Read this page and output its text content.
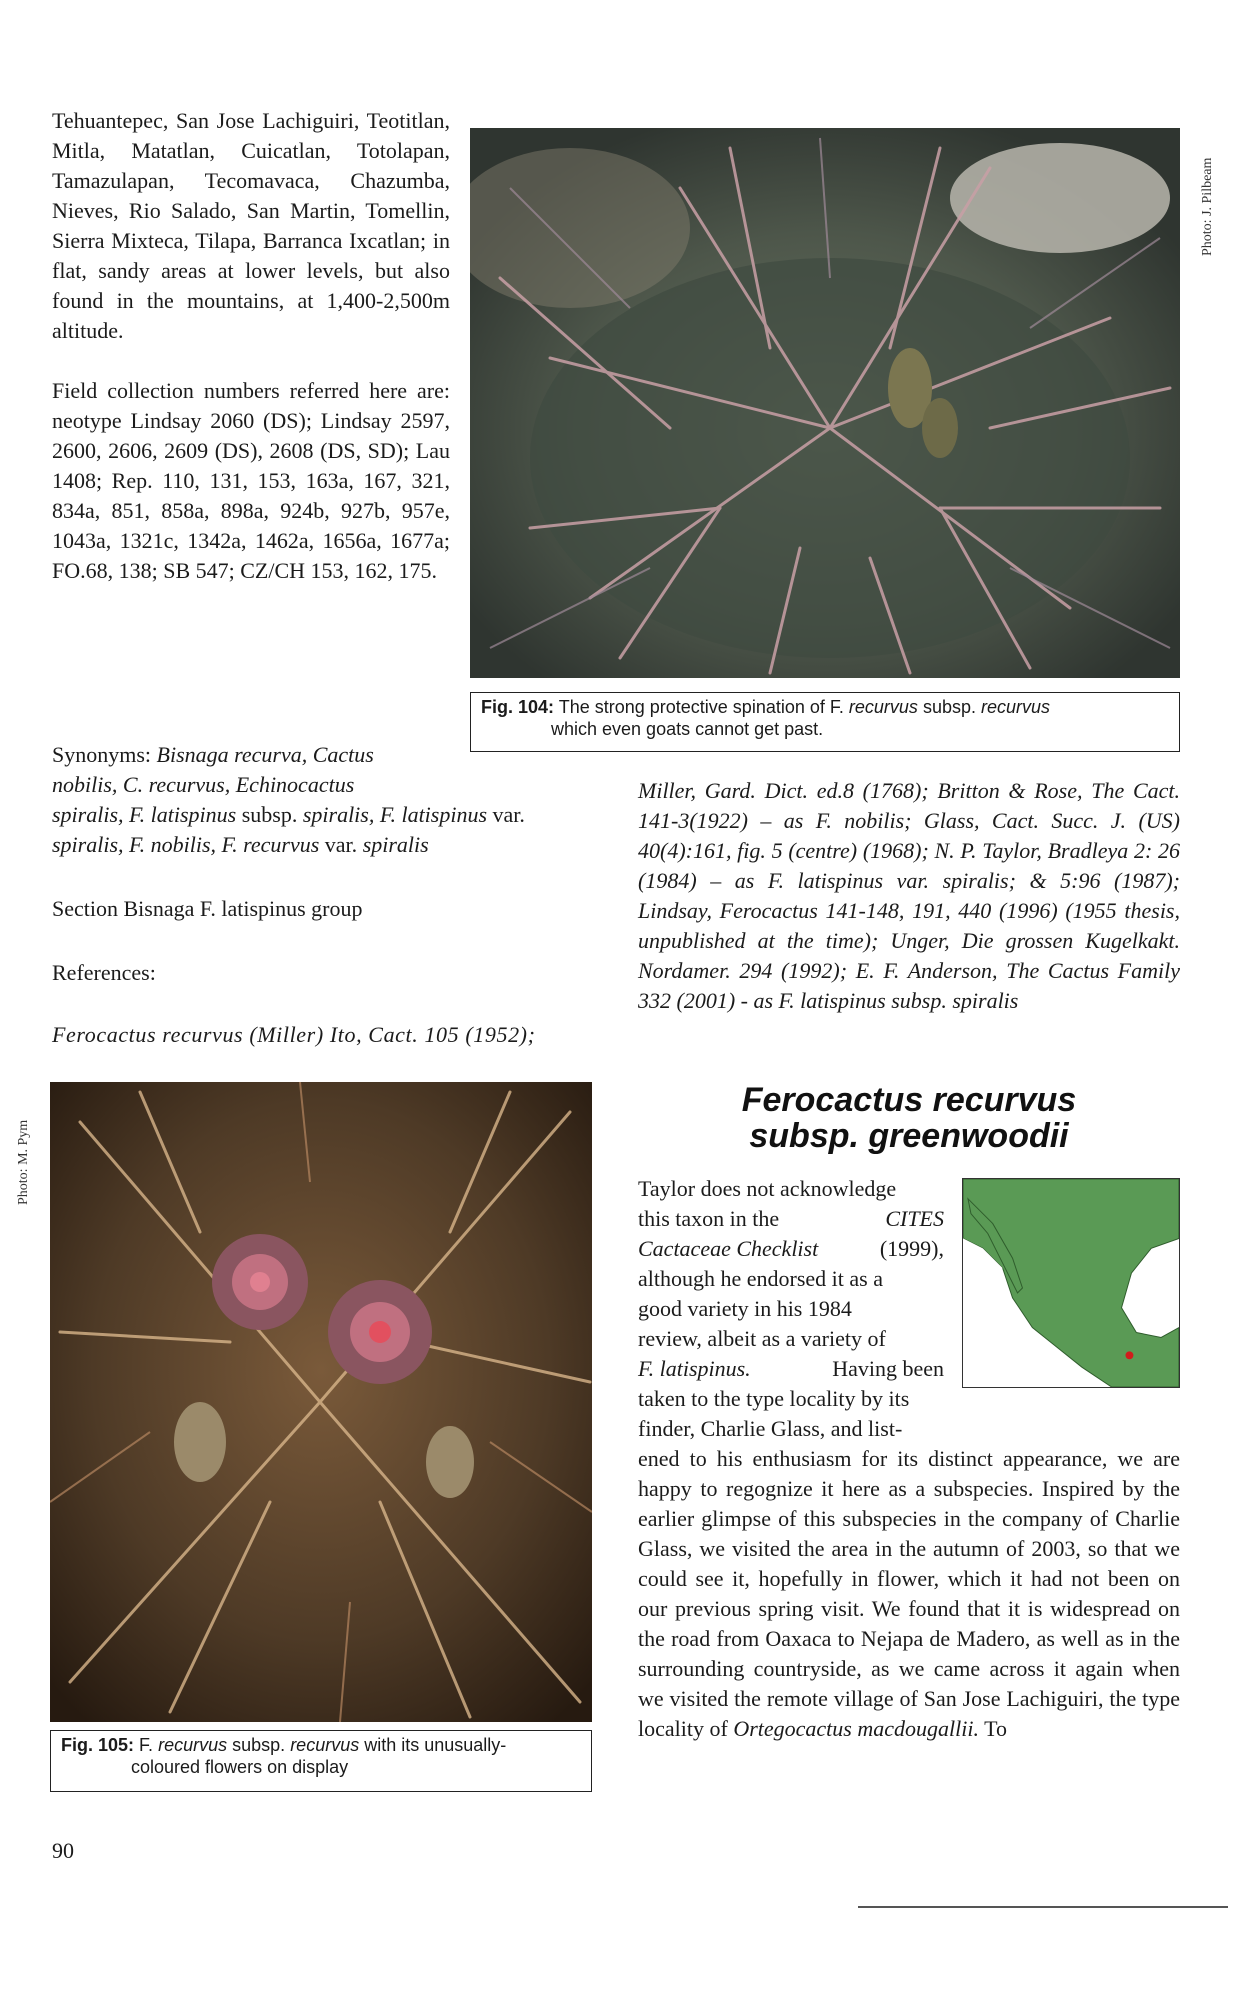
Tehuantepec, San Jose Lachiguiri, Teotitlan, Mitla, Matatlan, Cuicatlan, Totolapan, Tamazulapan, Tecomavaca, Chazumba, Nieves, Rio Salado, San Martin, Tomellin, Sierra Mixteca, Tilapa, Barranca Ixcatlan; in flat, sandy areas at lower levels, but also found in the mountains, at 1,400-2,500m altitude.

Field collection numbers referred here are: neotype Lindsay 2060 (DS); Lindsay 2597, 2600, 2606, 2609 (DS), 2608 (DS, SD); Lau 1408; Rep. 110, 131, 153, 163a, 167, 321, 834a, 851, 858a, 898a, 924b, 927b, 957e, 1043a, 1321c, 1342a, 1462a, 1656a, 1677a; FO.68, 138; SB 547; CZ/CH 153, 162, 175.

Synonyms: Bisnaga recurva, Cactus
nobilis, C. recurvus, Echinocactus
spiralis, F. latispinus subsp. spiralis, F. latispinus var.
spiralis, F. nobilis, F. recurvus var. spiralis
Section Bisnaga F. latispinus group
References:
Ferocactus recurvus (Miller) Ito, Cact. 105 (1952);
Photo: J. Pilbeam
Fig. 104: The strong protective spination of F. recurvus subsp. recurvus
which even goats cannot get past.
Miller, Gard. Dict. ed.8 (1768); Britton & Rose, The Cact. 141-3(1922) – as F. nobilis; Glass, Cact. Succ. J. (US) 40(4):161, fig. 5 (centre) (1968); N. P. Taylor, Bradleya 2: 26 (1984) – as F. latispinus var. spiralis; & 5:96 (1987); Lindsay, Ferocactus 141-148, 191, 440 (1996) (1955 thesis, unpublished at the time); Unger, Die grossen Kugelkakt. Nordamer. 294 (1992); E. F. Anderson, The Cactus Family 332 (2001) - as F. latispinus subsp. spiralis
Photo: M. Pym
Fig. 105: F. recurvus subsp. recurvus with its unusually-
coloured flowers on display
Ferocactus recurvus
subsp. greenwoodii
Taylor does not acknowledge
this taxon in the	CITES
Cactaceae Checklist	(1999),
although he endorsed it as a
good variety in his 1984
review, albeit as a variety of
F. latispinus.	Having been
taken to the type locality by its
finder, Charlie Glass, and list-
ened to his enthusiasm for its distinct appearance, we are happy to regognize it here as a subspecies. Inspired by the earlier glimpse of this subspecies in the company of Charlie Glass, we visited the area in the autumn of 2003, so that we could see it, hopefully in flower, which it had not been on our previous spring visit. We found that it is widespread on the road from Oaxaca to Nejapa de Madero, as well as in the surrounding countryside, as we came across it again when we visited the remote village of San Jose Lachiguiri, the type locality of Ortegocactus macdougallii. To
90
